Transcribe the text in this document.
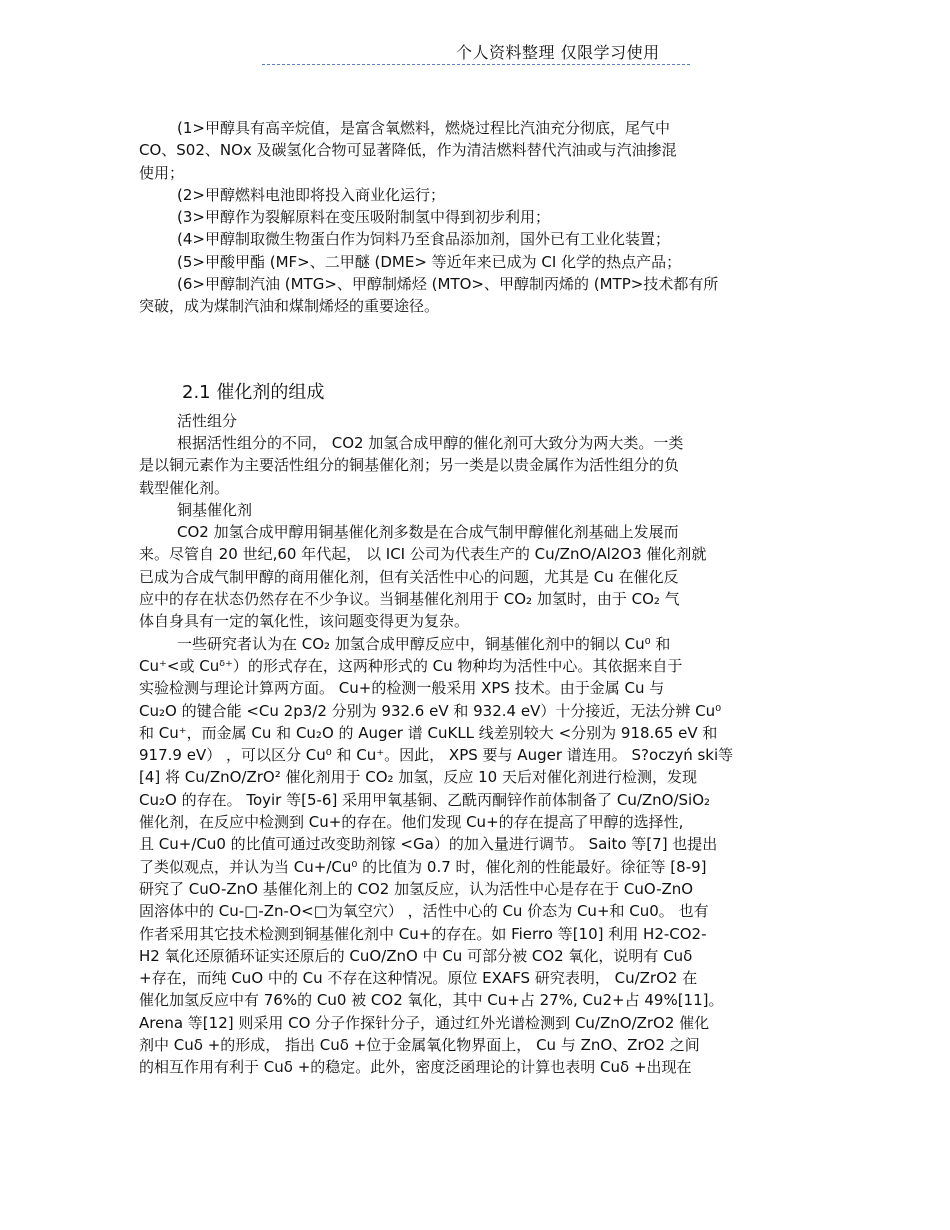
个人资料整理 仅限学习使用

(1>甲醇具有高辛烷值，是富含氧燃料，燃烧过程比汽油充分彻底，尾气中
CO、S02、NOx 及碳氢化合物可显著降低，作为清洁燃料替代汽油或与汽油掺混
使用；

(2>甲醇燃料电池即将投入商业化运行；

(3>甲醇作为裂解原料在变压吸附制氢中得到初步利用；

(4>甲醇制取微生物蛋白作为饲料乃至食品添加剂，国外已有工业化装置；

(5>甲酸甲酯 (MF>、二甲醚 (DME> 等近年来已成为 CI 化学的热点产品；

(6>甲醇制汽油 (MTG>、甲醇制烯烃 (MTO>、甲醇制丙烯的 (MTP>技术都有所
突破，成为煤制汽油和煤制烯烃的重要途径。

2.1 催化剂的组成

活性组分

根据活性组分的不同， CO2 加氢合成甲醇的催化剂可大致分为两大类。一类
是以铜元素作为主要活性组分的铜基催化剂；另一类是以贵金属作为活性组分的负
载型催化剂。

铜基催化剂

CO2 加氢合成甲醇用铜基催化剂多数是在合成气制甲醇催化剂基础上发展而
来。尽管自 20 世纪,60 年代起， 以 ICI 公司为代表生产的 Cu/ZnO/Al2O3 催化剂就
已成为合成气制甲醇的商用催化剂，但有关活性中心的问题，尤其是 Cu 在催化反
应中的存在状态仍然存在不少争议。当铜基催化剂用于 CO₂ 加氢时，由于 CO₂ 气
体自身具有一定的氧化性，该问题变得更为复杂。

一些研究者认为在 CO₂ 加氢合成甲醇反应中，铜基催化剂中的铜以 Cu⁰ 和
Cu⁺<或 Cuᵟ⁺）的形式存在，这两种形式的 Cu 物种均为活性中心。其依据来自于
实验检测与理论计算两方面。 Cu+的检测一般采用 XPS 技术。由于金属 Cu 与
Cu₂O 的键合能 <Cu 2p3/2 分别为 932.6 eV 和 932.4 eV）十分接近，无法分辨 Cu⁰
和 Cu⁺，而金属 Cu 和 Cu₂O 的 Auger 谱 CuKLL 线差别较大 <分别为 918.65 eV 和
917.9 eV） ，可以区分 Cu⁰ 和 Cu⁺。因此， XPS 要与 Auger 谱连用。 S?oczyń ski等
[4] 将 Cu/ZnO/ZrO² 催化剂用于 CO₂ 加氢，反应 10 天后对催化剂进行检测，发现
Cu₂O 的存在。 Toyir 等[5-6] 采用甲氧基铜、乙酰丙酮锌作前体制备了 Cu/ZnO/SiO₂
催化剂，在反应中检测到 Cu+的存在。他们发现 Cu+的存在提高了甲醇的选择性,
且 Cu+/Cu0 的比值可通过改变助剂镓 <Ga）的加入量进行调节。 Saito 等[7] 也提出
了类似观点，并认为当 Cu+/Cu⁰ 的比值为 0.7 时，催化剂的性能最好。徐征等 [8-9]
研究了 CuO-ZnO 基催化剂上的 CO2 加氢反应，认为活性中心是存在于 CuO-ZnO
固溶体中的 Cu-□-Zn-O<□为氧空穴） ，活性中心的 Cu 价态为 Cu+和 Cu0。 也有
作者采用其它技术检测到铜基催化剂中 Cu+的存在。如 Fierro 等[10] 利用 H2-CO2-
H2 氧化还原循环证实还原后的 CuO/ZnO 中 Cu 可部分被 CO2 氧化，说明有 Cuδ
+存在，而纯 CuO 中的 Cu 不存在这种情况。原位 EXAFS 研究表明， Cu/ZrO2 在
催化加氢反应中有 76%的 Cu0 被 CO2 氧化，其中 Cu+占 27%, Cu2+占 49%[11]。
Arena 等[12] 则采用 CO 分子作探针分子，通过红外光谱检测到 Cu/ZnO/ZrO2 催化
剂中 Cuδ +的形成， 指出 Cuδ +位于金属氧化物界面上， Cu 与 ZnO、ZrO2 之间
的相互作用有利于 Cuδ +的稳定。此外，密度泛函理论的计算也表明 Cuδ +出现在
